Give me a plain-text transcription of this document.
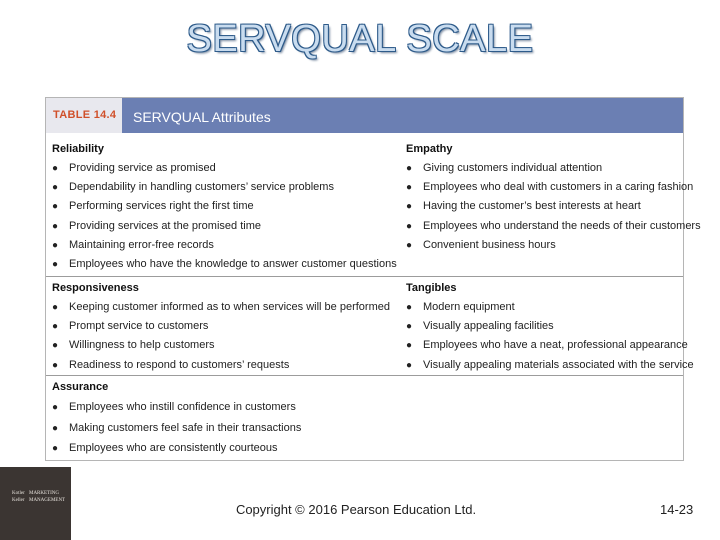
SERVQUAL SCALE
TABLE 14.4	SERVQUAL Attributes
Reliability
● Providing service as promised
● Dependability in handling customers’ service problems
● Performing services right the first time
● Providing services at the promised time
● Maintaining error-free records
● Employees who have the knowledge to answer customer questions
Empathy
● Giving customers individual attention
● Employees who deal with customers in a caring fashion
● Having the customer’s best interests at heart
● Employees who understand the needs of their customers
● Convenient business hours
Responsiveness
● Keeping customer informed as to when services will be performed
● Prompt service to customers
● Willingness to help customers
● Readiness to respond to customers’ requests
Tangibles
● Modern equipment
● Visually appealing facilities
● Employees who have a neat, professional appearance
● Visually appealing materials associated with the service
Assurance
● Employees who instill confidence in customers
● Making customers feel safe in their transactions
● Employees who are consistently courteous
Kotler
Keller
MARKETING
MANAGEMENT
Copyright © 2016 Pearson Education Ltd.	14-23
